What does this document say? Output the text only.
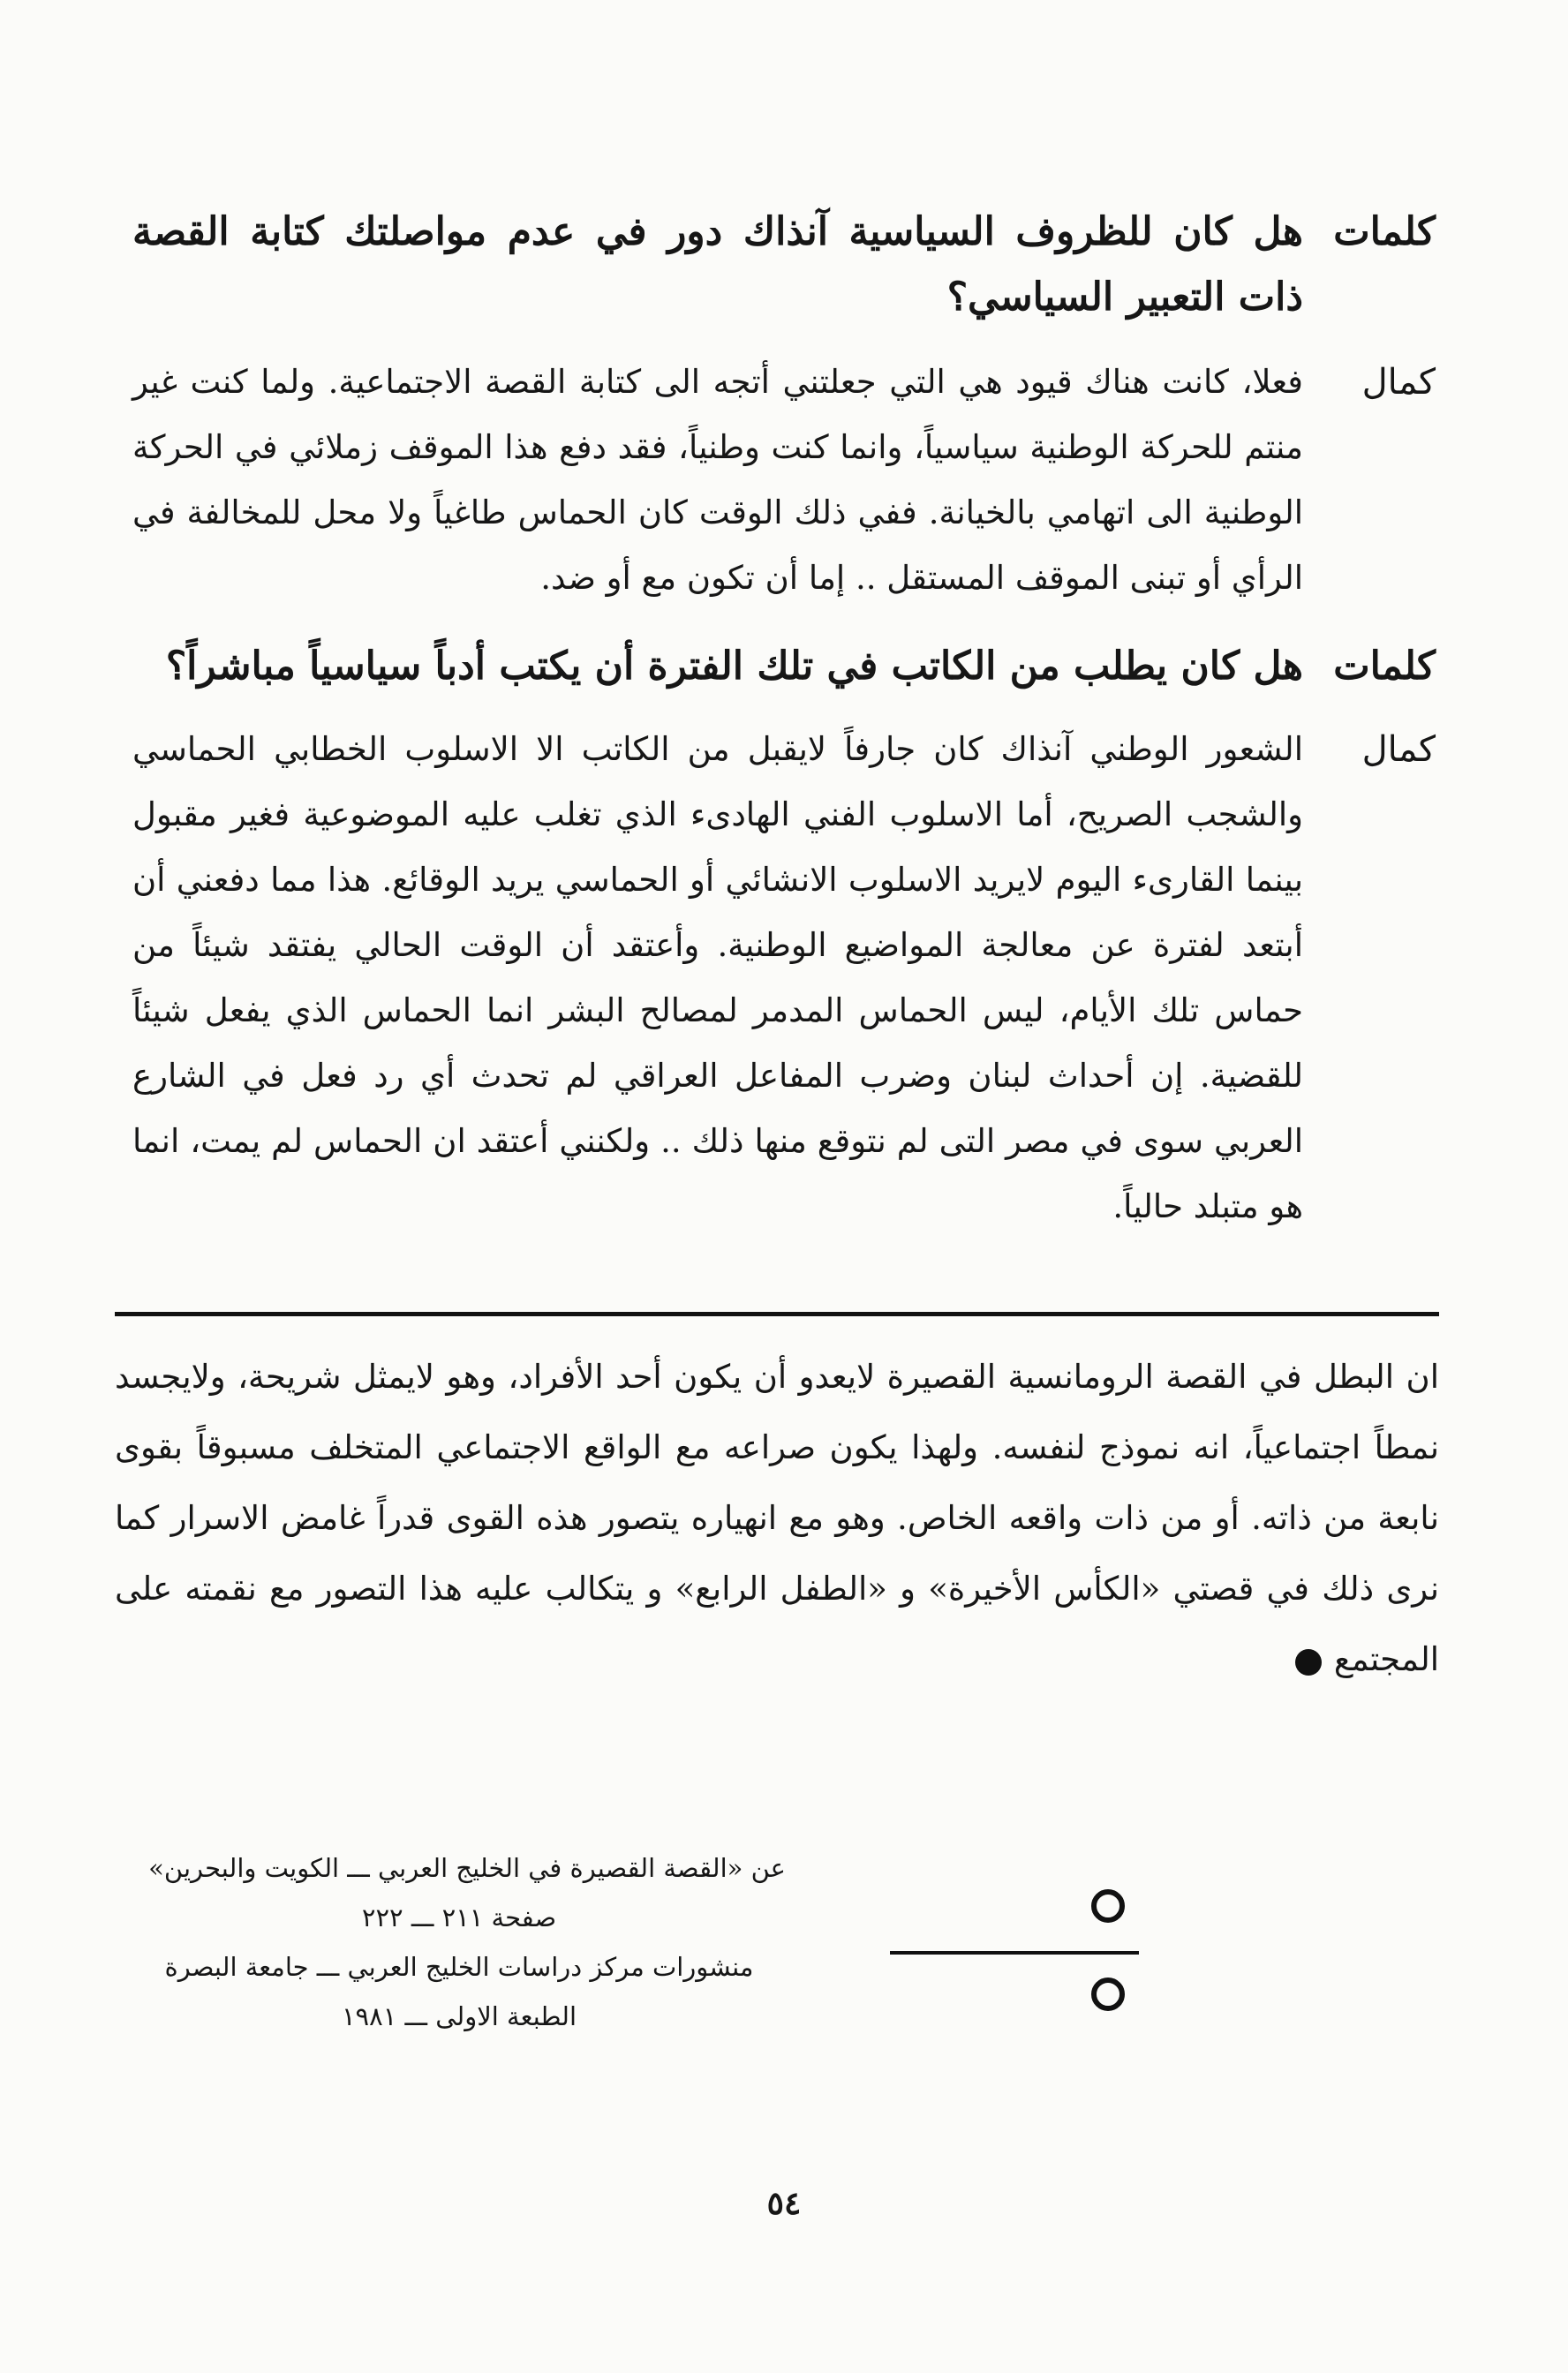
كلمات
هل كان للظروف السياسية آنذاك دور في عدم مواصلتك كتابة القصة ذات التعبير السياسي؟
كمال
فعلا، كانت هناك قيود هي التي جعلتني أتجه الى كتابة القصة الاجتماعية. ولما كنت غير منتم للحركة الوطنية سياسياً، وانما كنت وطنياً، فقد دفع هذا الموقف زملائي في الحركة الوطنية الى اتهامي بالخيانة. ففي ذلك الوقت كان الحماس طاغياً ولا محل للمخالفة في الرأي أو تبنى الموقف المستقل .. إما أن تكون مع أو ضد.
كلمات
هل كان يطلب من الكاتب في تلك الفترة أن يكتب أدباً سياسياً مباشراً؟
كمال
الشعور الوطني آنذاك كان جارفاً لايقبل من الكاتب الا الاسلوب الخطابي الحماسي والشجب الصريح، أما الاسلوب الفني الهادىء الذي تغلب عليه الموضوعية فغير مقبول بينما القارىء اليوم لايريد الاسلوب الانشائي أو الحماسي يريد الوقائع. هذا مما دفعني أن أبتعد لفترة عن معالجة المواضيع الوطنية. وأعتقد أن الوقت الحالي يفتقد شيئاً من حماس تلك الأيام، ليس الحماس المدمر لمصالح البشر انما الحماس الذي يفعل شيئاً للقضية. إن أحداث لبنان وضرب المفاعل العراقي لم تحدث أي رد فعل في الشارع العربي سوى في مصر التى لم نتوقع منها ذلك .. ولكنني أعتقد ان الحماس لم يمت، انما هو متبلد حالياً.
ان البطل في القصة الرومانسية القصيرة لايعدو أن يكون أحد الأفراد، وهو لايمثل شريحة، ولايجسد نمطاً اجتماعياً، انه نموذج لنفسه. ولهذا يكون صراعه مع الواقع الاجتماعي المتخلف مسبوقاً بقوى نابعة من ذاته. أو من ذات واقعه الخاص. وهو مع انهياره يتصور هذه القوى قدراً غامض الاسرار كما نرى ذلك في قصتي «الكأس الأخيرة» و «الطفل الرابع» و يتكالب عليه هذا التصور مع نقمته على المجتمع
عن «القصة القصيرة في الخليج العربي ـــ الكويت والبحرين»
صفحة ٢١١ ـــ ٢٢٢
منشورات مركز دراسات الخليج العربي ـــ جامعة البصرة
الطبعة الاولى ـــ ١٩٨١
٥٤
